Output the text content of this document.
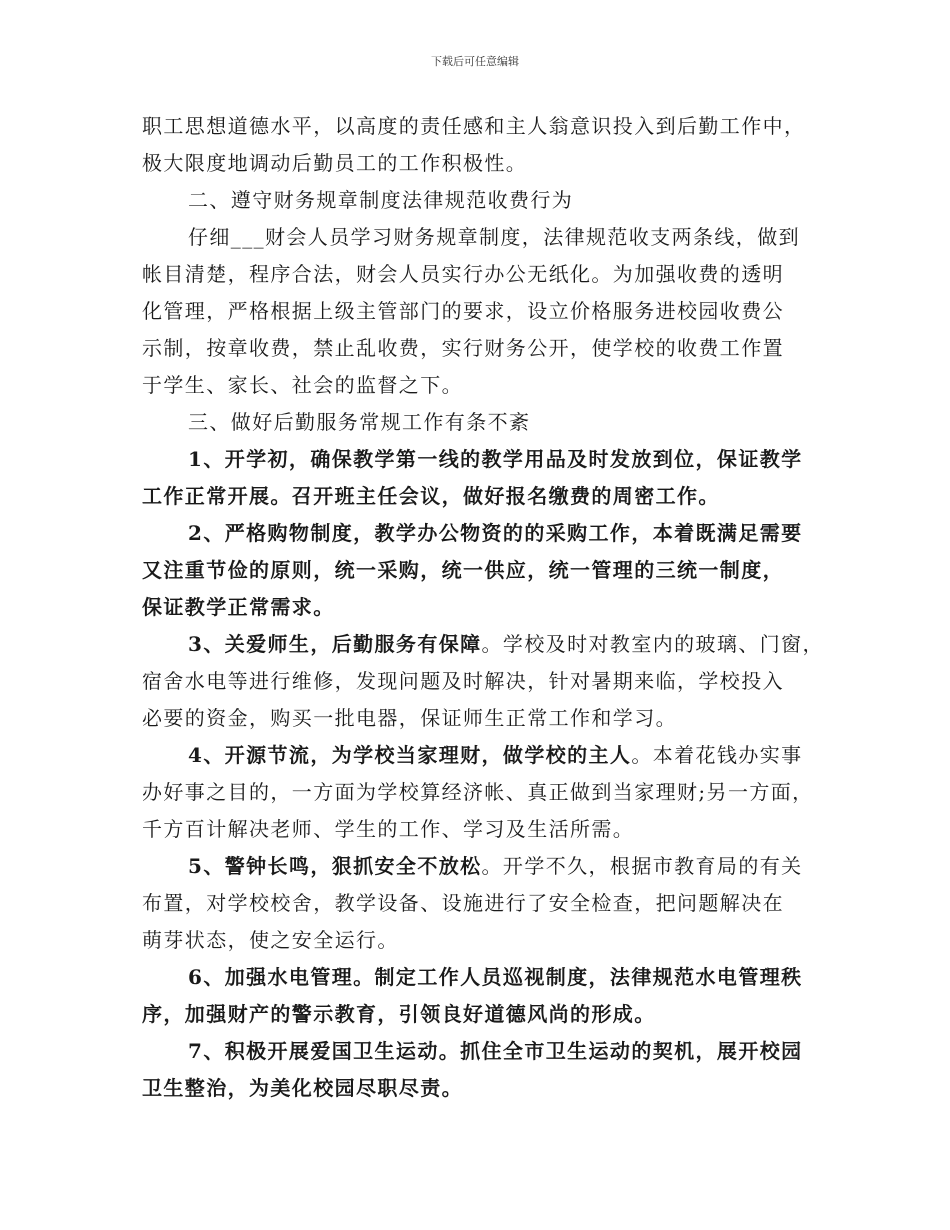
下载后可任意编辑

职工思想道德水平，以高度的责任感和主人翁意识投入到后勤工作中，

极大限度地调动后勤员工的工作积极性。

二、遵守财务规章制度法律规范收费行为

仔细___财会人员学习财务规章制度，法律规范收支两条线，做到

帐目清楚，程序合法，财会人员实行办公无纸化。为加强收费的透明

化管理，严格根据上级主管部门的要求，设立价格服务进校园收费公

示制，按章收费，禁止乱收费，实行财务公开，使学校的收费工作置

于学生、家长、社会的监督之下。

三、做好后勤服务常规工作有条不紊

1、开学初，确保教学第一线的教学用品及时发放到位，保证教学

工作正常开展。召开班主任会议，做好报名缴费的周密工作。

2、严格购物制度，教学办公物资的的采购工作，本着既满足需要

又注重节俭的原则，统一采购，统一供应，统一管理的三统一制度，

保证教学正常需求。

3、关爱师生，后勤服务有保障。学校及时对教室内的玻璃、门窗，

宿舍水电等进行维修，发现问题及时解决，针对暑期来临，学校投入

必要的资金，购买一批电器，保证师生正常工作和学习。

4、开源节流，为学校当家理财，做学校的主人。本着花钱办实事

办好事之目的，一方面为学校算经济帐、真正做到当家理财;另一方面，

千方百计解决老师、学生的工作、学习及生活所需。

5、警钟长鸣，狠抓安全不放松。开学不久，根据市教育局的有关

布置，对学校校舍，教学设备、设施进行了安全检查，把问题解决在

萌芽状态，使之安全运行。

6、加强水电管理。制定工作人员巡视制度，法律规范水电管理秩

序，加强财产的警示教育，引领良好道德风尚的形成。

7、积极开展爱国卫生运动。抓住全市卫生运动的契机，展开校园

卫生整治，为美化校园尽职尽责。
